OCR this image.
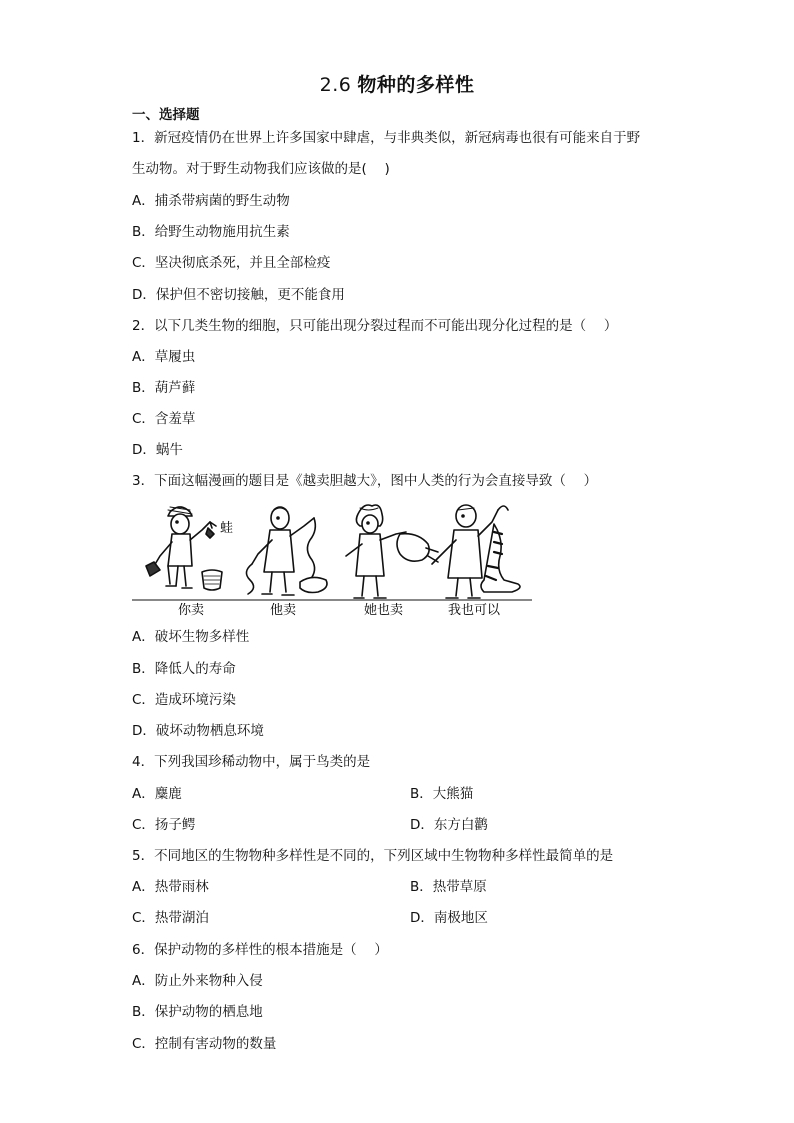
2.6 物种的多样性
一、选择题
1．新冠疫情仍在世界上许多国家中肆虐，与非典类似，新冠病毒也很有可能来自于野
生动物。对于野生动物我们应该做的是(　 )
A．捕杀带病菌的野生动物
B．给野生动物施用抗生素
C．坚决彻底杀死，并且全部检疫
D．保护但不密切接触，更不能食用
2．以下几类生物的细胞，只可能出现分裂过程而不可能出现分化过程的是（　 ）
A．草履虫
B．葫芦藓
C．含羞草
D．蜗牛
3．下面这幅漫画的题目是《越卖胆越大》，图中人类的行为会直接导致（　 ）
蛙
你卖	他卖	她也卖	我也可以
A．破坏生物多样性
B．降低人的寿命
C．造成环境污染
D．破坏动物栖息环境
4．下列我国珍稀动物中，属于鸟类的是
A．麋鹿	B．大熊猫
C．扬子鳄	D．东方白鹳
5．不同地区的生物物种多样性是不同的，下列区域中生物物种多样性最简单的是
A．热带雨林	B．热带草原
C．热带湖泊	D．南极地区
6．保护动物的多样性的根本措施是（　 ）
A．防止外来物种入侵
B．保护动物的栖息地
C．控制有害动物的数量
